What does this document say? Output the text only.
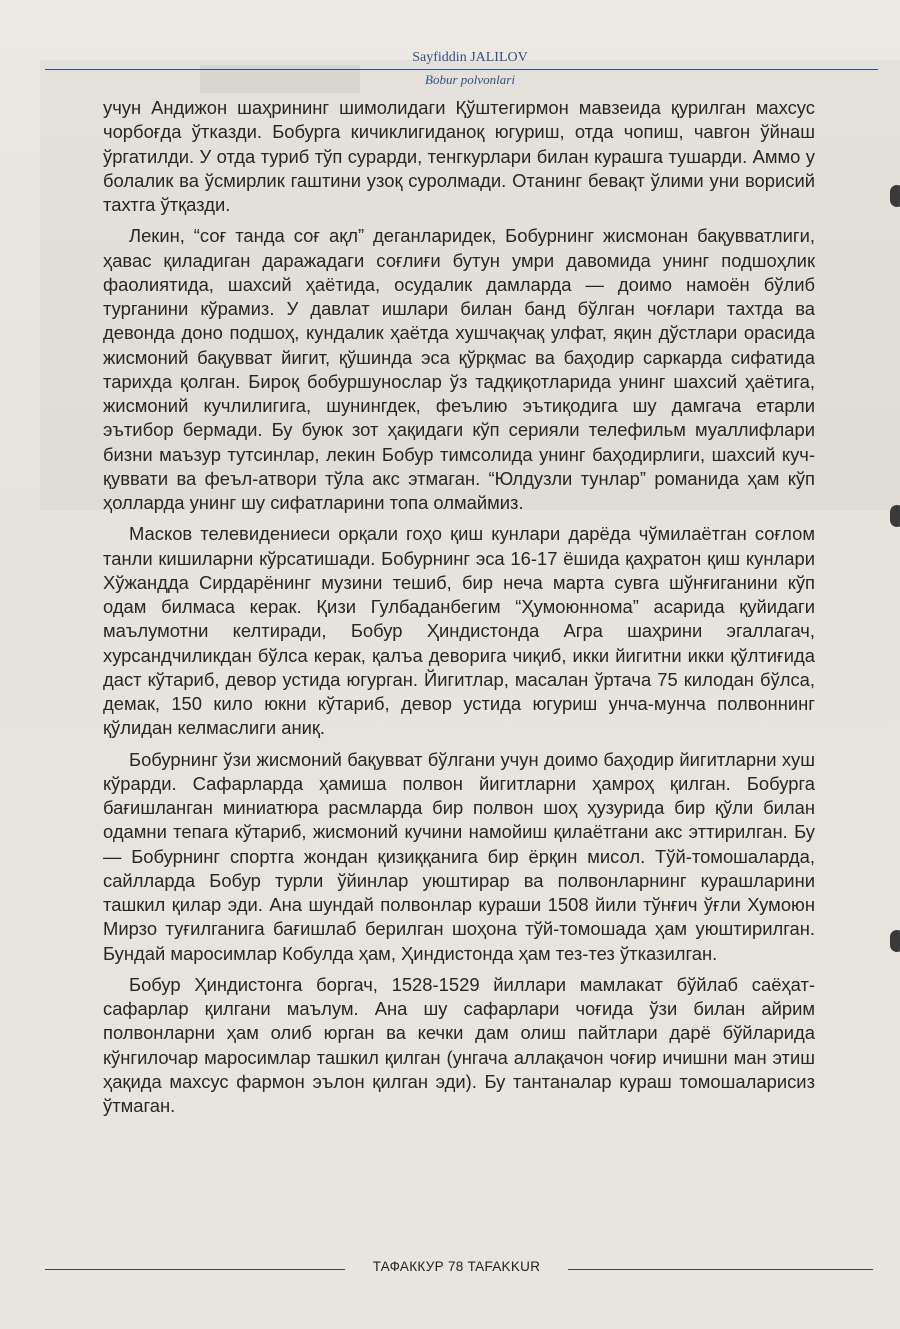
Sayfiddin JALILOV
Bobur polvonlari

учун Андижон шаҳрининг шимолидаги Қўштегирмон мавзеида қурилган махсус чорбоғда ўтказди. Бобурга кичиклигиданоқ югуриш, отда чопиш, чавгон ўйнаш ўргатилди. У отда туриб тўп сурарди, тенгкурлари билан курашга тушарди. Аммо у болалик ва ўсмирлик гаштини узоқ суролмади. Отанинг бевақт ўлими уни ворисий тахтга ўтқазди.

Лекин, “соғ танда соғ ақл” деганларидек, Бобурнинг жисмонан бақувватлиги, ҳавас қиладиган даражадаги соғлиғи бутун умри давомида унинг подшоҳлик фаолиятида, шахсий ҳаётида, осудалик дамларда — доимо намоён бўлиб турганини кўрамиз. У давлат ишлари билан банд бўлган чоғлари тахтда ва девонда доно подшоҳ, кундалик ҳаётда хушчақчақ улфат, яқин дўстлари орасида жисмоний бақувват йигит, қўшинда эса қўрқмас ва баҳодир саркарда сифатида тарихда қолган. Бироқ бобуршунослар ўз тадқиқотларида унинг шахсий ҳаётига, жисмоний кучлилигига, шунингдек, феълию эътиқодига шу дамгача етарли эътибор бермади. Бу буюк зот ҳақидаги кўп серияли телефильм муаллифлари бизни маъзур тутсинлар, лекин Бобур тимсолида унинг баҳодирлиги, шахсий куч-қуввати ва феъл-атвори тўла акс этмаган. “Юлдузли тунлар” романида ҳам кўп ҳолларда унинг шу сифатларини топа олмаймиз.

Масков телевидениеси орқали гоҳо қиш кунлари дарёда чўмилаётган соғлом танли кишиларни кўрсатишади. Бобурнинг эса 16-17 ёшида қаҳратон қиш кунлари Хўжандда Сирдарёнинг музини тешиб, бир неча марта сувга шўнғиганини кўп одам билмаса керак. Қизи Гулбаданбегим “Ҳумоюннома” асарида қуйидаги маълумотни келтиради, Бобур Ҳиндистонда Агра шаҳрини эгаллагач, хурсандчиликдан бўлса керак, қалъа деворига чиқиб, икки йигитни икки қўлтиғида даст кўтариб, девор устида югурган. Йигитлар, масалан ўртача 75 килодан бўлса, демак, 150 кило юкни кўтариб, девор устида югуриш унча-мунча полвоннинг қўлидан келмаслиги аниқ.

Бобурнинг ўзи жисмоний бақувват бўлгани учун доимо баҳодир йигитларни хуш кўрарди. Сафарларда ҳамиша полвон йигитларни ҳамроҳ қилган. Бобурга бағишланган миниатюра расмларда бир полвон шоҳ ҳузурида бир қўли билан одамни тепага кўтариб, жисмоний кучини намойиш қилаётгани акс эттирилган. Бу — Бобурнинг спортга жондан қизиққанига бир ёрқин мисол. Тўй-томошаларда, сайлларда Бобур турли ўйинлар уюштирар ва полвонларнинг курашларини ташкил қилар эди. Ана шундай полвонлар кураши 1508 йили тўнғич ўғли Хумоюн Мирзо туғилганига бағишлаб берилган шоҳона тўй-томошада ҳам уюштирилган. Бундай маросимлар Кобулда ҳам, Ҳиндистонда ҳам тез-тез ўтказилган.

Бобур Ҳиндистонга боргач, 1528-1529 йиллари мамлакат бўйлаб саёҳат-сафарлар қилгани маълум. Ана шу сафарлари чоғида ўзи билан айрим полвонларни ҳам олиб юрган ва кечки дам олиш пайтлари дарё бўйларида кўнгилочар маросимлар ташкил қилган (унгача аллақачон чоғир ичишни ман этиш ҳақида махсус фармон эълон қилган эди). Бу тантаналар кураш томошаларисиз ўтмаган.

ТАФАККУР 78 TAFAKKUR
